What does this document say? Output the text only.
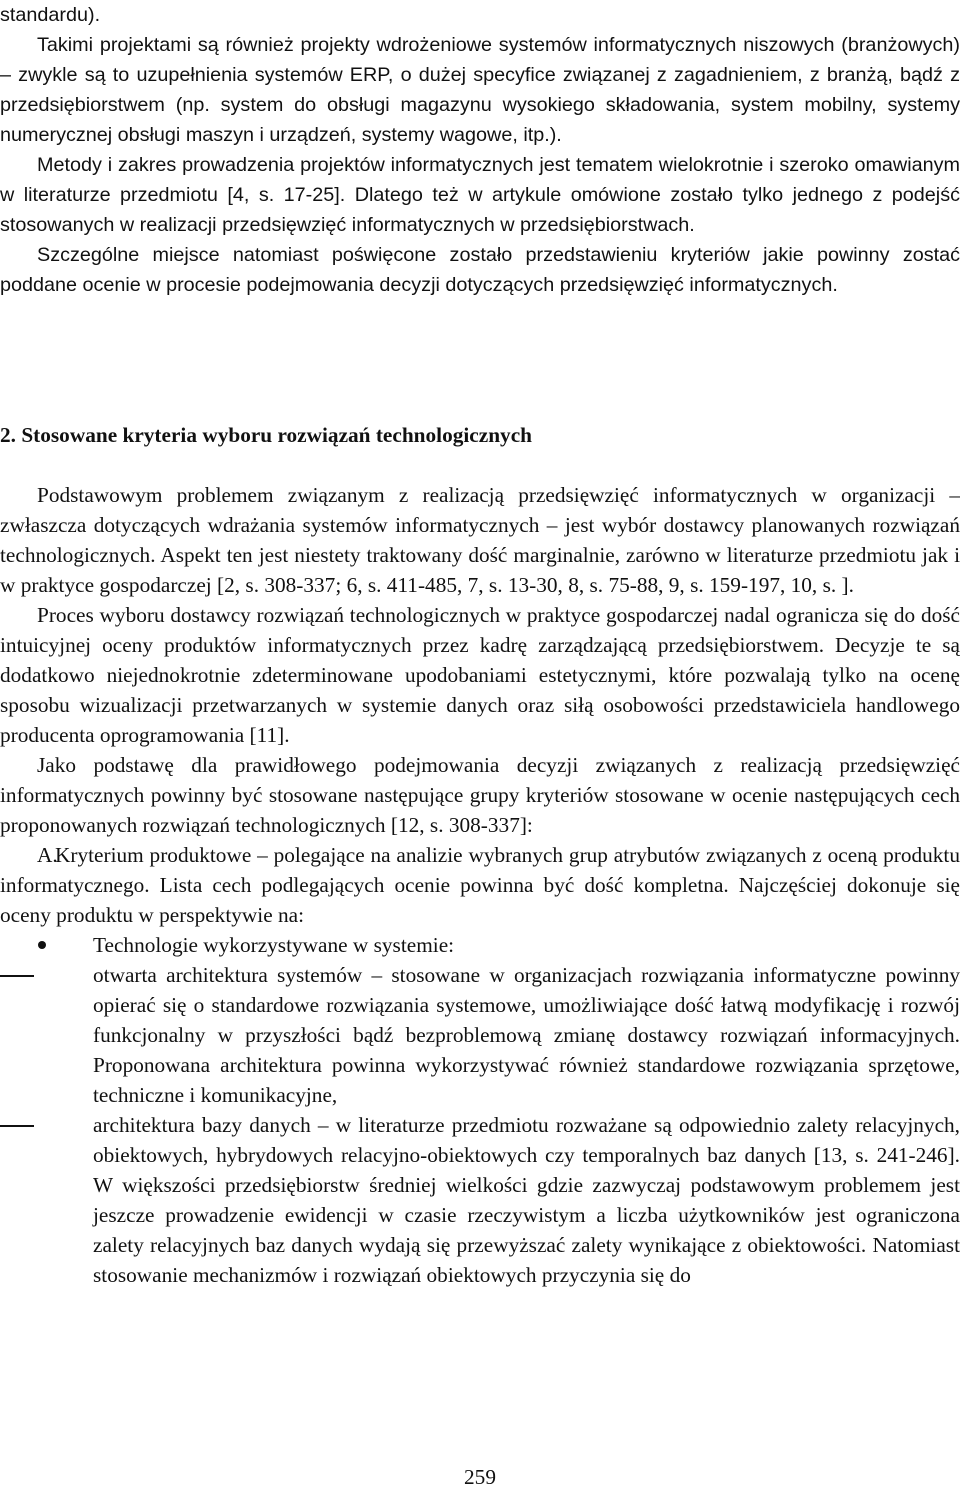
standardu).

Takimi projektami są również projekty wdrożeniowe systemów informatycznych niszowych (branżowych) – zwykle są to uzupełnienia systemów ERP, o dużej specyfice związanej z zagadnieniem, z branżą, bądź z przedsiębiorstwem (np. system do obsługi magazynu wysokiego składowania, system mobilny, systemy numerycznej obsługi maszyn i urządzeń, systemy wagowe, itp.).

Metody i zakres prowadzenia projektów informatycznych jest tematem wielokrotnie i szeroko omawianym w literaturze przedmiotu [4, s. 17-25]. Dlatego też w artykule omówione zostało tylko jednego z podejść stosowanych w realizacji przedsięwzięć informatycznych w przedsiębiorstwach.

Szczególne miejsce natomiast poświęcone zostało przedstawieniu kryteriów jakie powinny zostać poddane ocenie w procesie podejmowania decyzji dotyczących przedsięwzięć informatycznych.

2. Stosowane kryteria wyboru rozwiązań technologicznych

Podstawowym problemem związanym z realizacją przedsięwzięć informatycznych w organizacji – zwłaszcza dotyczących wdrażania systemów informatycznych – jest wybór dostawcy planowanych rozwiązań technologicznych. Aspekt ten jest niestety traktowany dość marginalnie, zarówno w literaturze przedmiotu jak i w praktyce gospodarczej [2, s. 308-337; 6, s. 411-485, 7, s. 13-30, 8, s. 75-88, 9, s. 159-197, 10, s. ].

Proces wyboru dostawcy rozwiązań technologicznych w praktyce gospodarczej nadal ogranicza się do dość intuicyjnej oceny produktów informatycznych przez kadrę zarządzającą przedsiębiorstwem. Decyzje te są dodatkowo niejednokrotnie zdeterminowane upodobaniami estetycznymi, które pozwalają tylko na ocenę sposobu wizualizacji przetwarzanych w systemie danych oraz siłą osobowości przedstawiciela handlowego producenta oprogramowania [11].

Jako podstawę dla prawidłowego podejmowania decyzji związanych z realizacją przedsięwzięć informatycznych powinny być stosowane następujące grupy kryteriów stosowane w ocenie następujących cech proponowanych rozwiązań technologicznych [12, s. 308-337]:

A.Kryterium produktowe – polegające na analizie wybranych grup atrybutów związanych z oceną produktu informatycznego. Lista cech podlegających ocenie powinna być dość kompletna. Najczęściej dokonuje się oceny produktu w perspektywie na:

Technologie wykorzystywane w systemie:
otwarta architektura systemów – stosowane w organizacjach rozwiązania informatyczne powinny opierać się o standardowe rozwiązania systemowe, umożliwiające dość łatwą modyfikację i rozwój funkcjonalny w przyszłości bądź bezproblemową zmianę dostawcy rozwiązań informacyjnych. Proponowana architektura powinna wykorzystywać również standardowe rozwiązania sprzętowe, techniczne i komunikacyjne,
architektura bazy danych – w literaturze przedmiotu rozważane są odpowiednio zalety relacyjnych, obiektowych, hybrydowych relacyjno-obiektowych czy temporalnych baz danych [13, s. 241-246]. W większości przedsiębiorstw średniej wielkości gdzie zazwyczaj podstawowym problemem jest jeszcze prowadzenie ewidencji w czasie rzeczywistym a liczba użytkowników jest ograniczona zalety relacyjnych baz danych wydają się przewyższać zalety wynikające z obiektowości. Natomiast stosowanie mechanizmów i rozwiązań obiektowych przyczynia się do
259
